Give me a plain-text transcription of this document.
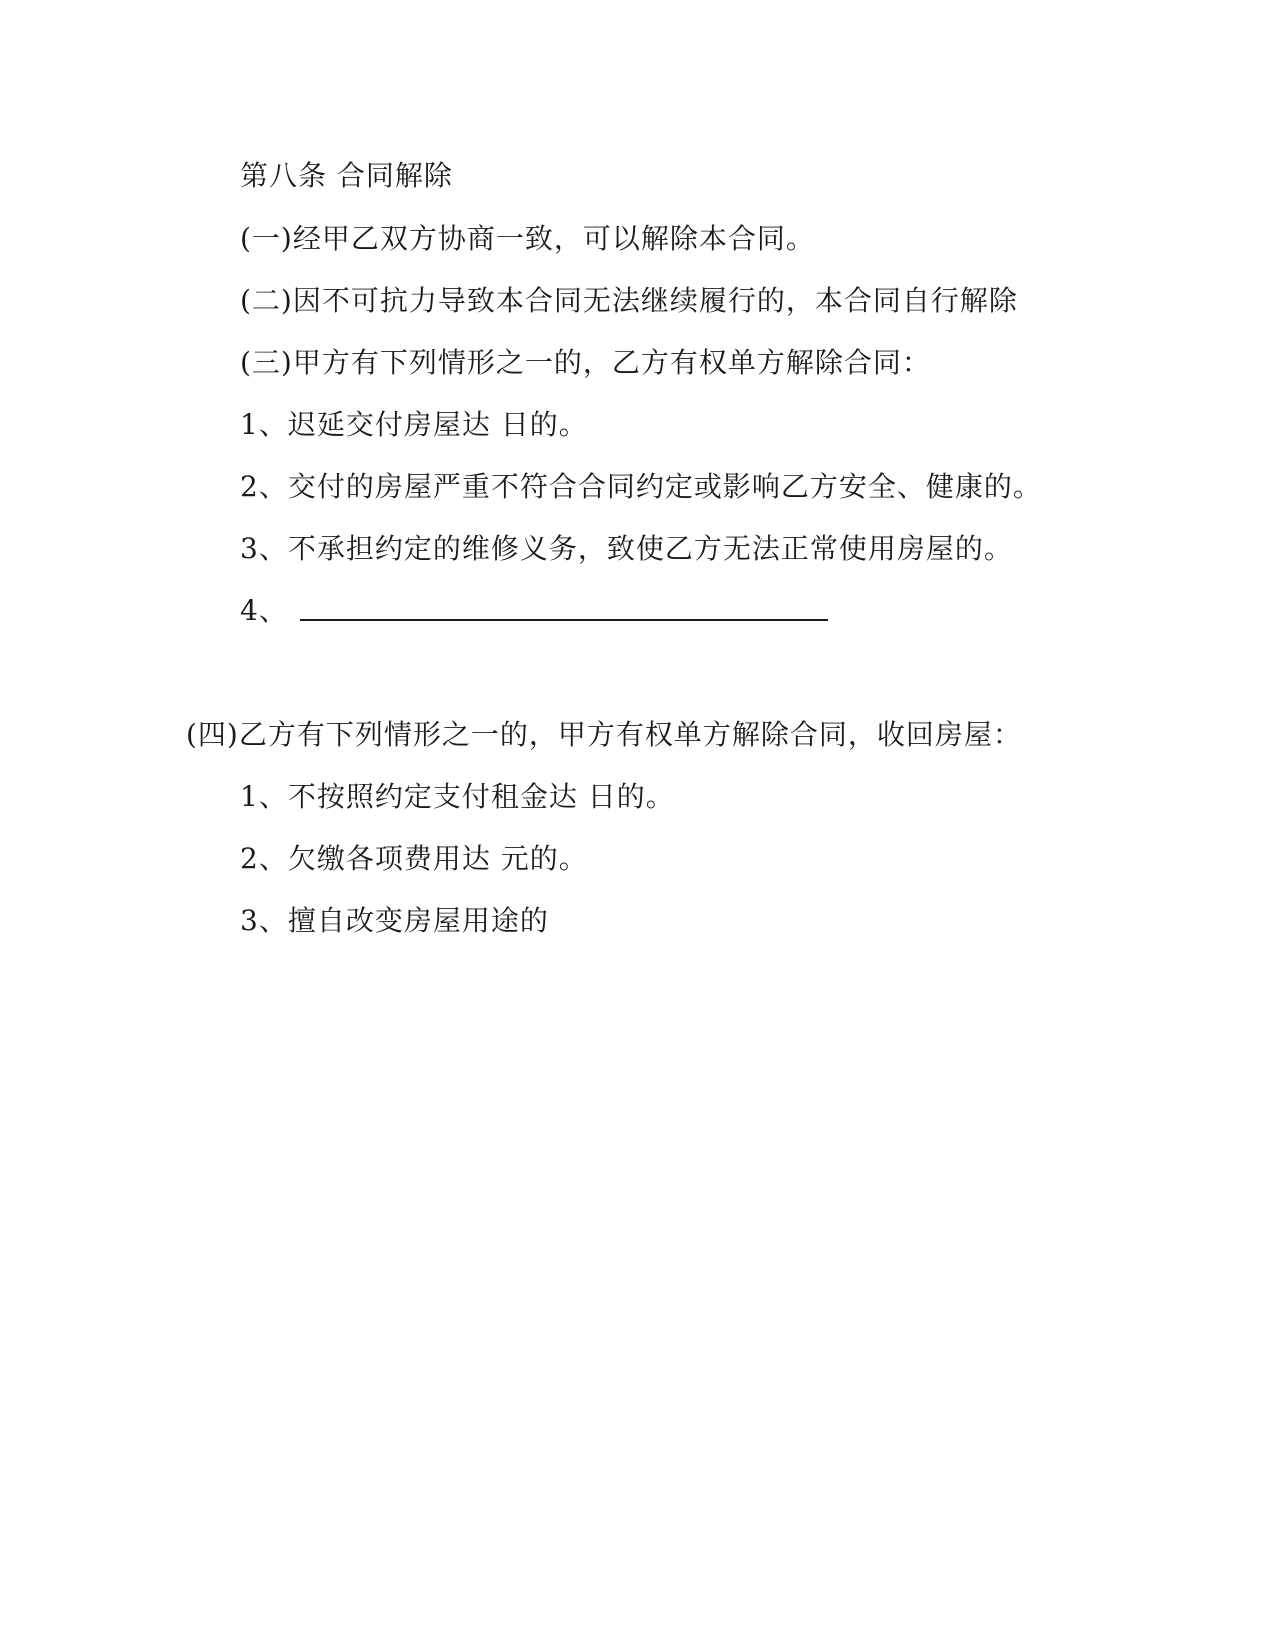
第八条 合同解除
(一)经甲乙双方协商一致，可以解除本合同。
(二)因不可抗力导致本合同无法继续履行的，本合同自行解除
(三)甲方有下列情形之一的，乙方有权单方解除合同：
1、迟延交付房屋达 日的。
2、交付的房屋严重不符合合同约定或影响乙方安全、健康的。
3、不承担约定的维修义务，致使乙方无法正常使用房屋的。
4、
(四)乙方有下列情形之一的，甲方有权单方解除合同，收回房屋：
1、不按照约定支付租金达 日的。
2、欠缴各项费用达 元的。
3、擅自改变房屋用途的
